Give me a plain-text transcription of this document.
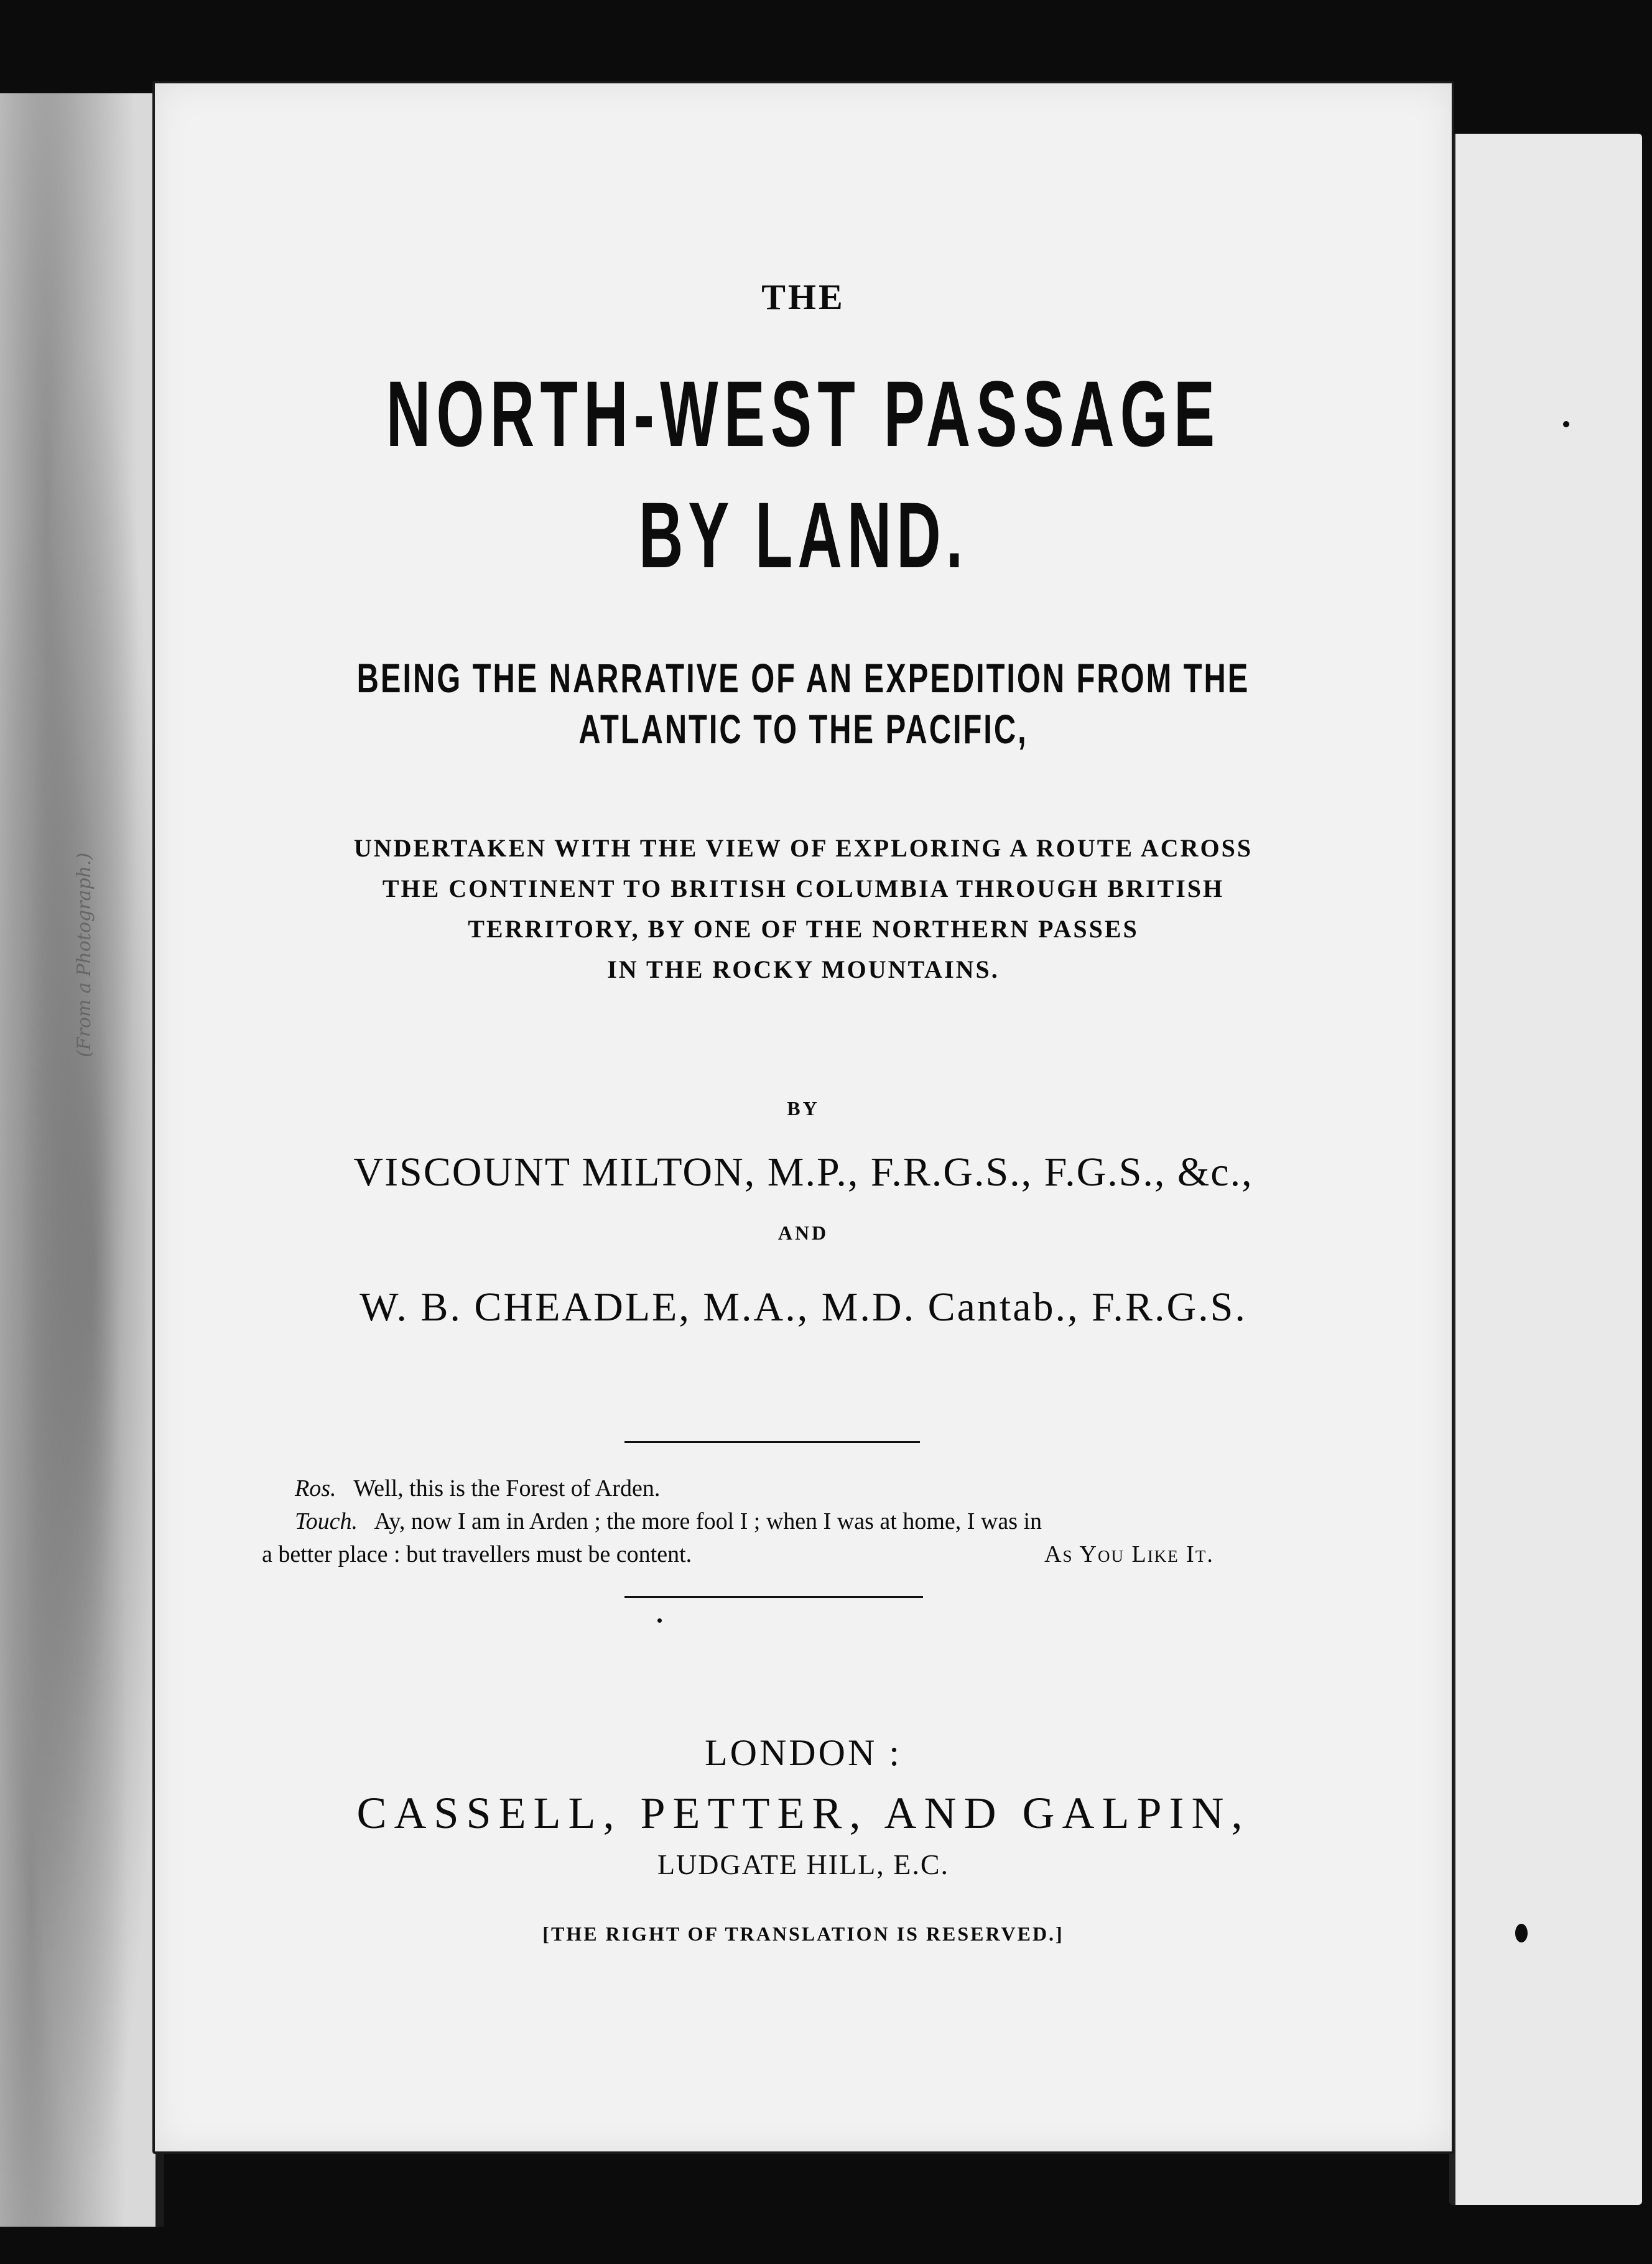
(From a Photograph.)
THE
NORTH-WEST PASSAGE
BY LAND.
BEING THE NARRATIVE OF AN EXPEDITION FROM THE
ATLANTIC TO THE PACIFIC,
UNDERTAKEN WITH THE VIEW OF EXPLORING A ROUTE ACROSS
THE CONTINENT TO BRITISH COLUMBIA THROUGH BRITISH
TERRITORY, BY ONE OF THE NORTHERN PASSES
IN THE ROCKY MOUNTAINS.
BY
VISCOUNT MILTON, M.P., F.R.G.S., F.G.S., &c.,
AND
W. B. CHEADLE, M.A., M.D. Cantab., F.R.G.S.
Ros. Well, this is the Forest of Arden.
Touch. Ay, now I am in Arden ; the more fool I ; when I was at home, I was in
a better place : but travellers must be content.	As You Like It.
LONDON :
CASSELL, PETTER, AND GALPIN,
LUDGATE HILL, E.C.
[THE RIGHT OF TRANSLATION IS RESERVED.]
